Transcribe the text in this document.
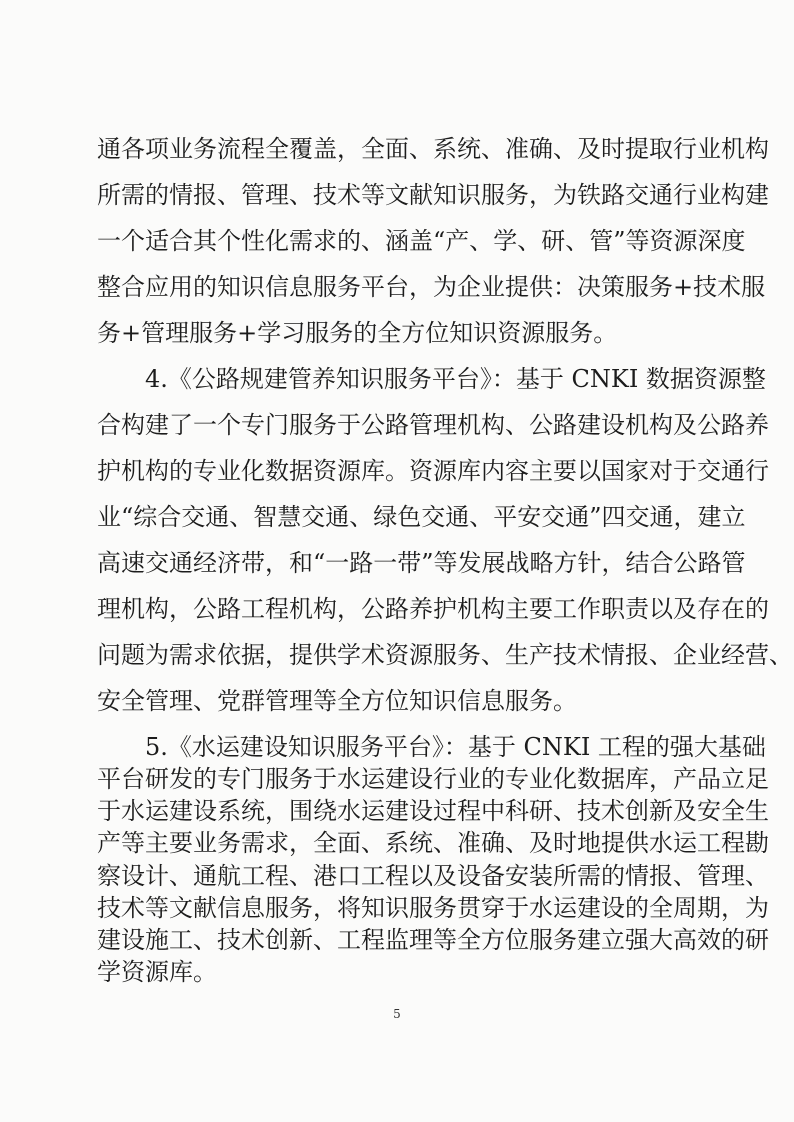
通各项业务流程全覆盖，全面、系统、准确、及时提取行业机构
所需的情报、管理、技术等文献知识服务，为铁路交通行业构建
一个适合其个性化需求的、涵盖“产、学、研、管”等资源深度
整合应用的知识信息服务平台，为企业提供：决策服务+技术服
务+管理服务+学习服务的全方位知识资源服务。
4.《公路规建管养知识服务平台》：基于 CNKI 数据资源整
合构建了一个专门服务于公路管理机构、公路建设机构及公路养
护机构的专业化数据资源库。资源库内容主要以国家对于交通行
业“综合交通、智慧交通、绿色交通、平安交通”四交通，建立
高速交通经济带，和“一路一带”等发展战略方针，结合公路管
理机构，公路工程机构，公路养护机构主要工作职责以及存在的
问题为需求依据，提供学术资源服务、生产技术情报、企业经营、
安全管理、党群管理等全方位知识信息服务。
5.《水运建设知识服务平台》：基于 CNKI 工程的强大基础
平台研发的专门服务于水运建设行业的专业化数据库，产品立足
于水运建设系统，围绕水运建设过程中科研、技术创新及安全生
产等主要业务需求，全面、系统、准确、及时地提供水运工程勘
察设计、通航工程、港口工程以及设备安装所需的情报、管理、
技术等文献信息服务，将知识服务贯穿于水运建设的全周期，为
建设施工、技术创新、工程监理等全方位服务建立强大高效的研
学资源库。
5
